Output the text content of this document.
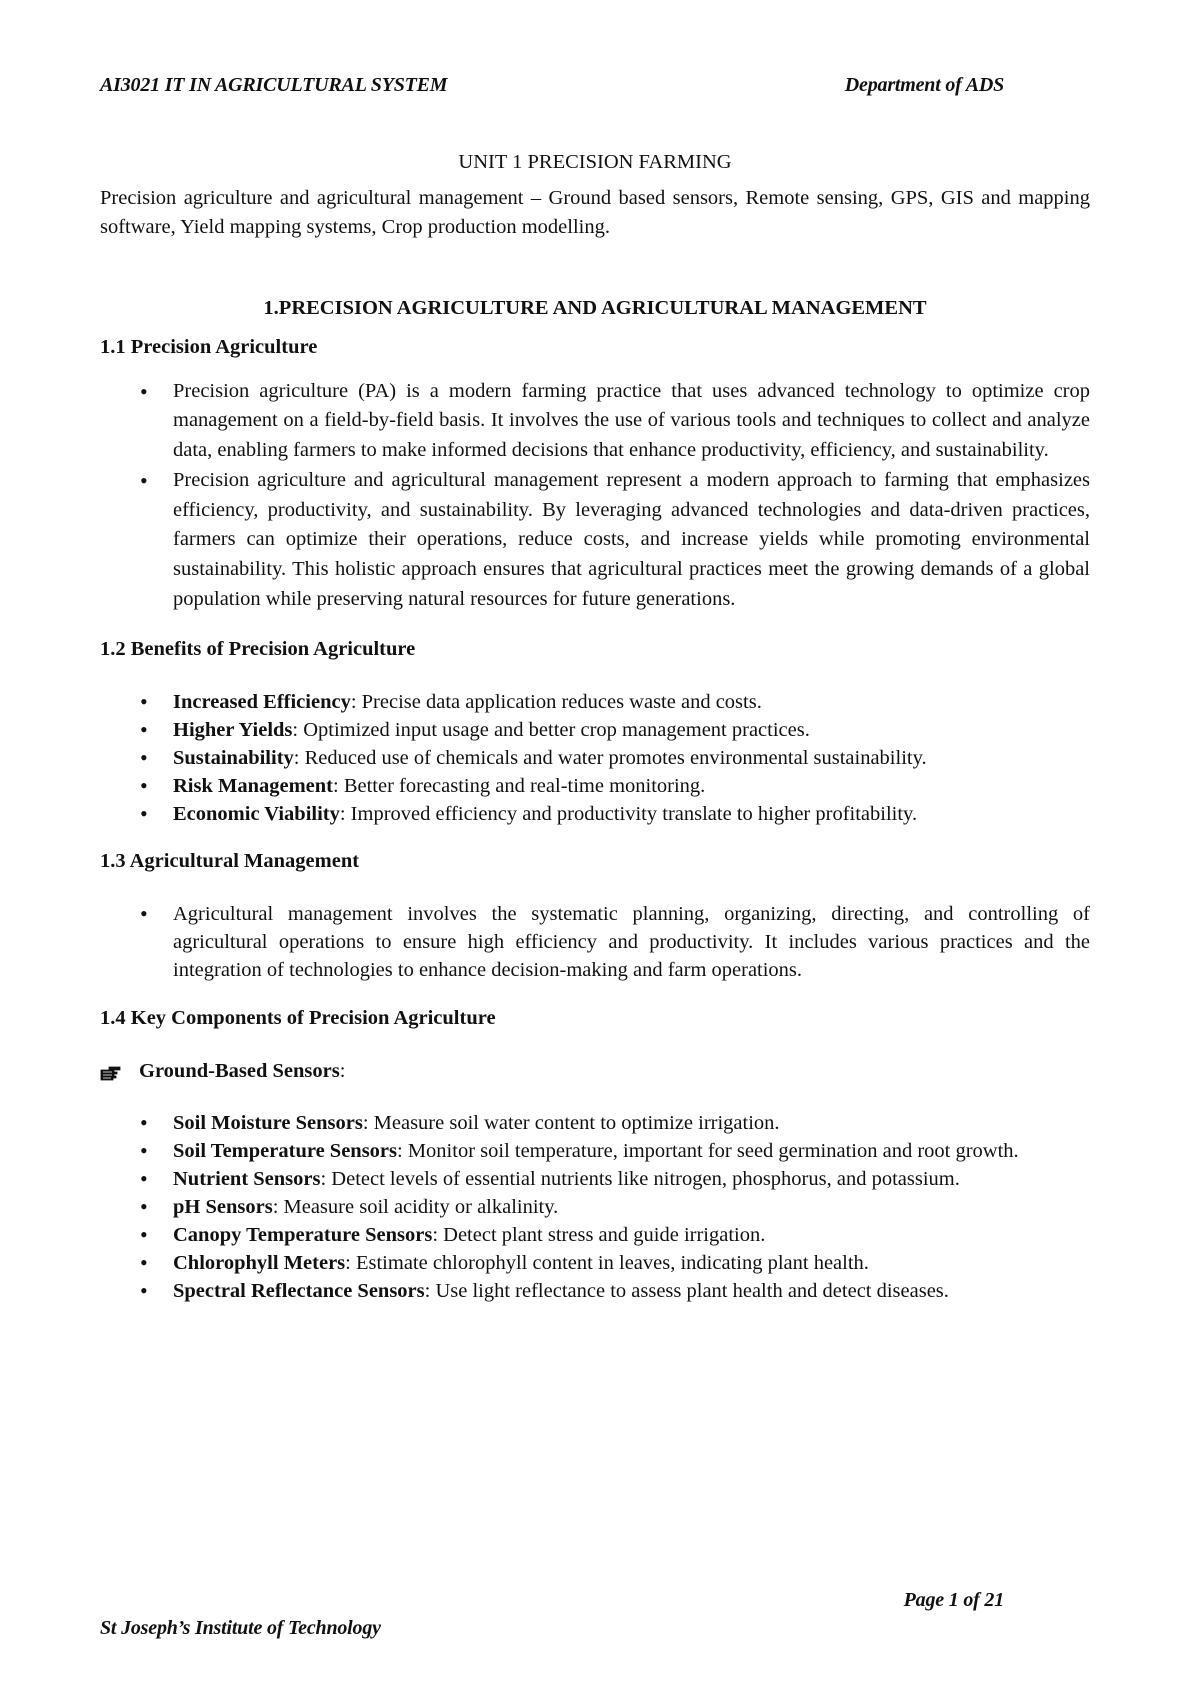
AI3021 IT IN AGRICULTURAL SYSTEM	Department of ADS

UNIT 1 PRECISION FARMING

Precision agriculture and agricultural management – Ground based sensors, Remote sensing, GPS, GIS and mapping software, Yield mapping systems, Crop production modelling.

1.PRECISION AGRICULTURE AND AGRICULTURAL MANAGEMENT

1.1 Precision Agriculture

• Precision agriculture (PA) is a modern farming practice that uses advanced technology to optimize crop management on a field-by-field basis. It involves the use of various tools and techniques to collect and analyze data, enabling farmers to make informed decisions that enhance productivity, efficiency, and sustainability.
• Precision agriculture and agricultural management represent a modern approach to farming that emphasizes efficiency, productivity, and sustainability. By leveraging advanced technologies and data-driven practices, farmers can optimize their operations, reduce costs, and increase yields while promoting environmental sustainability. This holistic approach ensures that agricultural practices meet the growing demands of a global population while preserving natural resources for future generations.

1.2 Benefits of Precision Agriculture

• Increased Efficiency: Precise data application reduces waste and costs.
• Higher Yields: Optimized input usage and better crop management practices.
• Sustainability: Reduced use of chemicals and water promotes environmental sustainability.
• Risk Management: Better forecasting and real-time monitoring.
• Economic Viability: Improved efficiency and productivity translate to higher profitability.

1.3 Agricultural Management

• Agricultural management involves the systematic planning, organizing, directing, and controlling of agricultural operations to ensure high efficiency and productivity. It includes various practices and the integration of technologies to enhance decision-making and farm operations.

1.4 Key Components of Precision Agriculture

Ground-Based Sensors:

• Soil Moisture Sensors: Measure soil water content to optimize irrigation.
• Soil Temperature Sensors: Monitor soil temperature, important for seed germination and root growth.
• Nutrient Sensors: Detect levels of essential nutrients like nitrogen, phosphorus, and potassium.
• pH Sensors: Measure soil acidity or alkalinity.
• Canopy Temperature Sensors: Detect plant stress and guide irrigation.
• Chlorophyll Meters: Estimate chlorophyll content in leaves, indicating plant health.
• Spectral Reflectance Sensors: Use light reflectance to assess plant health and detect diseases.
Page 1 of 21
St Joseph’s Institute of Technology
